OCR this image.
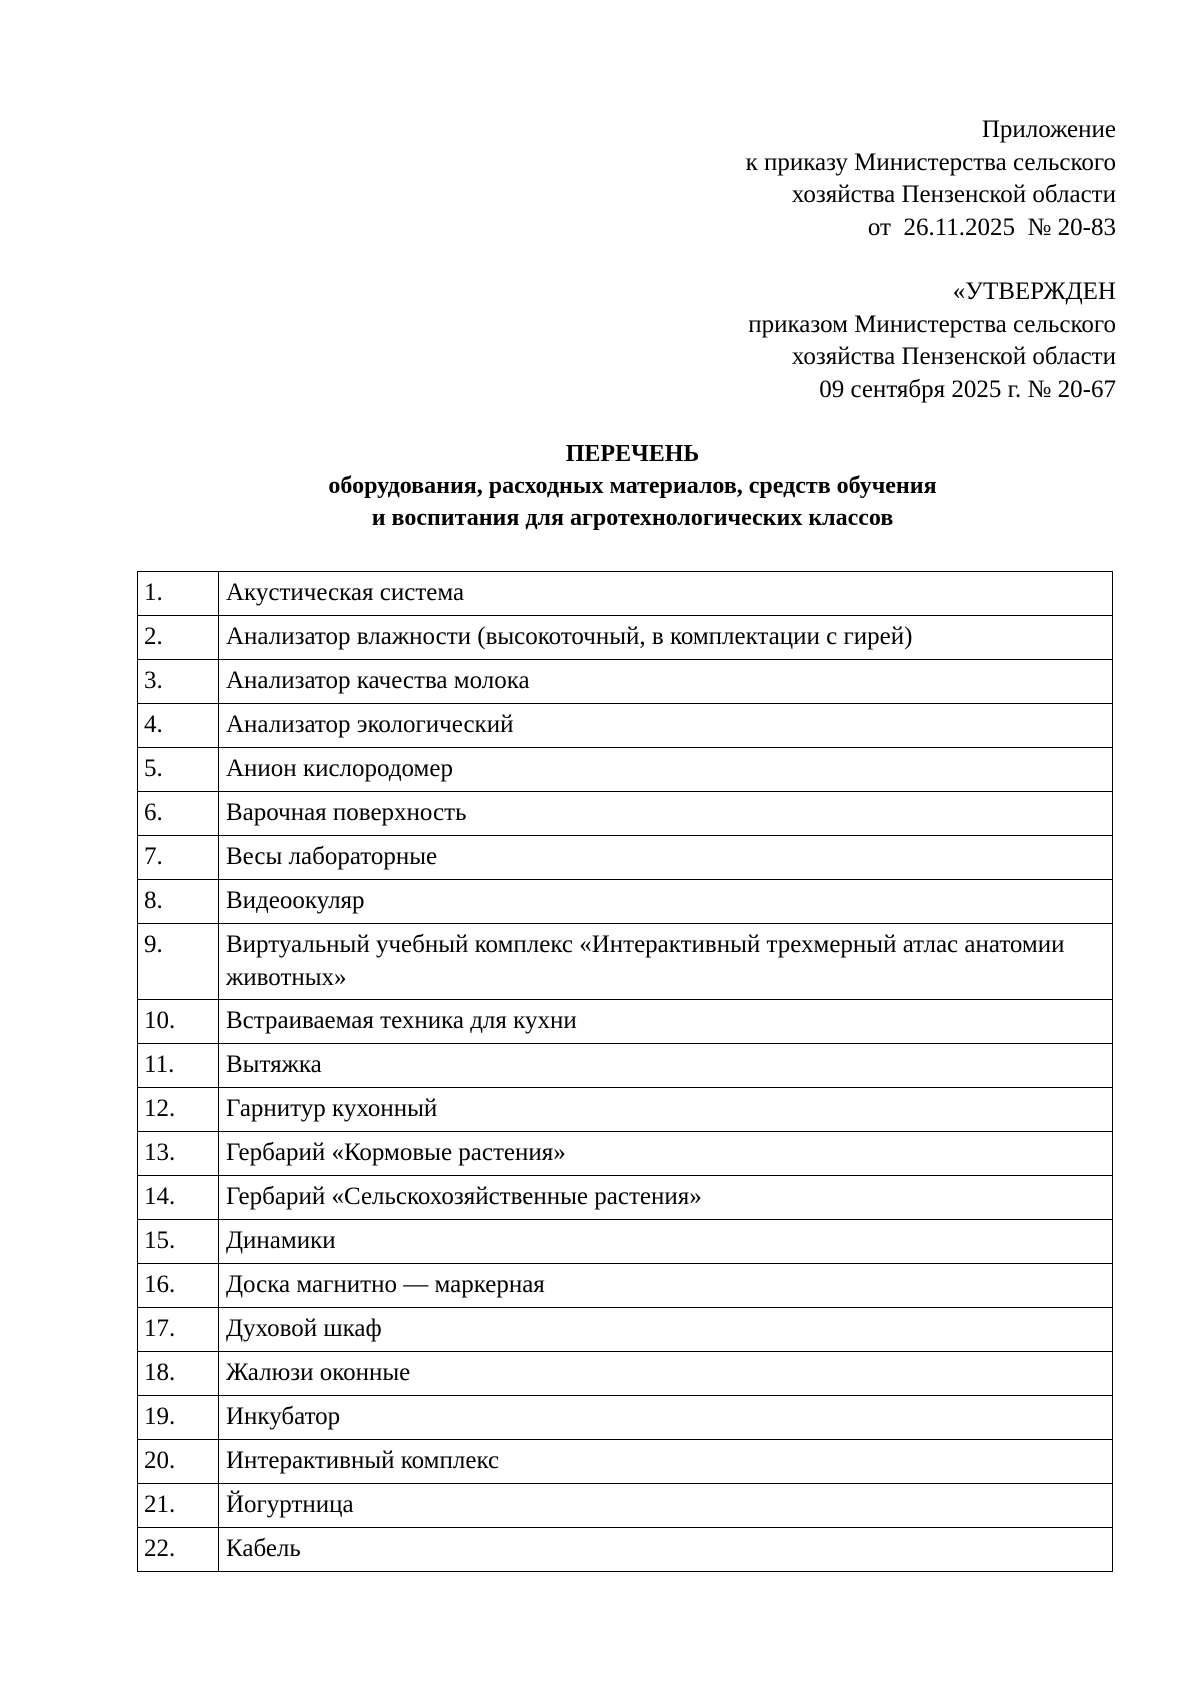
Приложение
к приказу Министерства сельского
хозяйства Пензенской области
от  26.11.2025  № 20-83
«УТВЕРЖДЕН
приказом Министерства сельского
хозяйства Пензенской области
09 сентября 2025 г. № 20-67
ПЕРЕЧЕНЬ
оборудования, расходных материалов, средств обучения
и воспитания для агротехнологических классов
1.	Акустическая система
2.	Анализатор влажности (высокоточный, в комплектации с гирей)
3.	Анализатор качества молока
4.	Анализатор экологический
5.	Анион кислородомер
6.	Варочная поверхность
7.	Весы лабораторные
8.	Видеоокуляр
9.	Виртуальный учебный комплекс «Интерактивный трехмерный атлас анатомии животных»
10.	Встраиваемая техника для кухни
11.	Вытяжка
12.	Гарнитур кухонный
13.	Гербарий «Кормовые растения»
14.	Гербарий «Сельскохозяйственные растения»
15.	Динамики
16.	Доска магнитно — маркерная
17.	Духовой шкаф
18.	Жалюзи оконные
19.	Инкубатор
20.	Интерактивный комплекс
21.	Йогуртница
22.	Кабель
